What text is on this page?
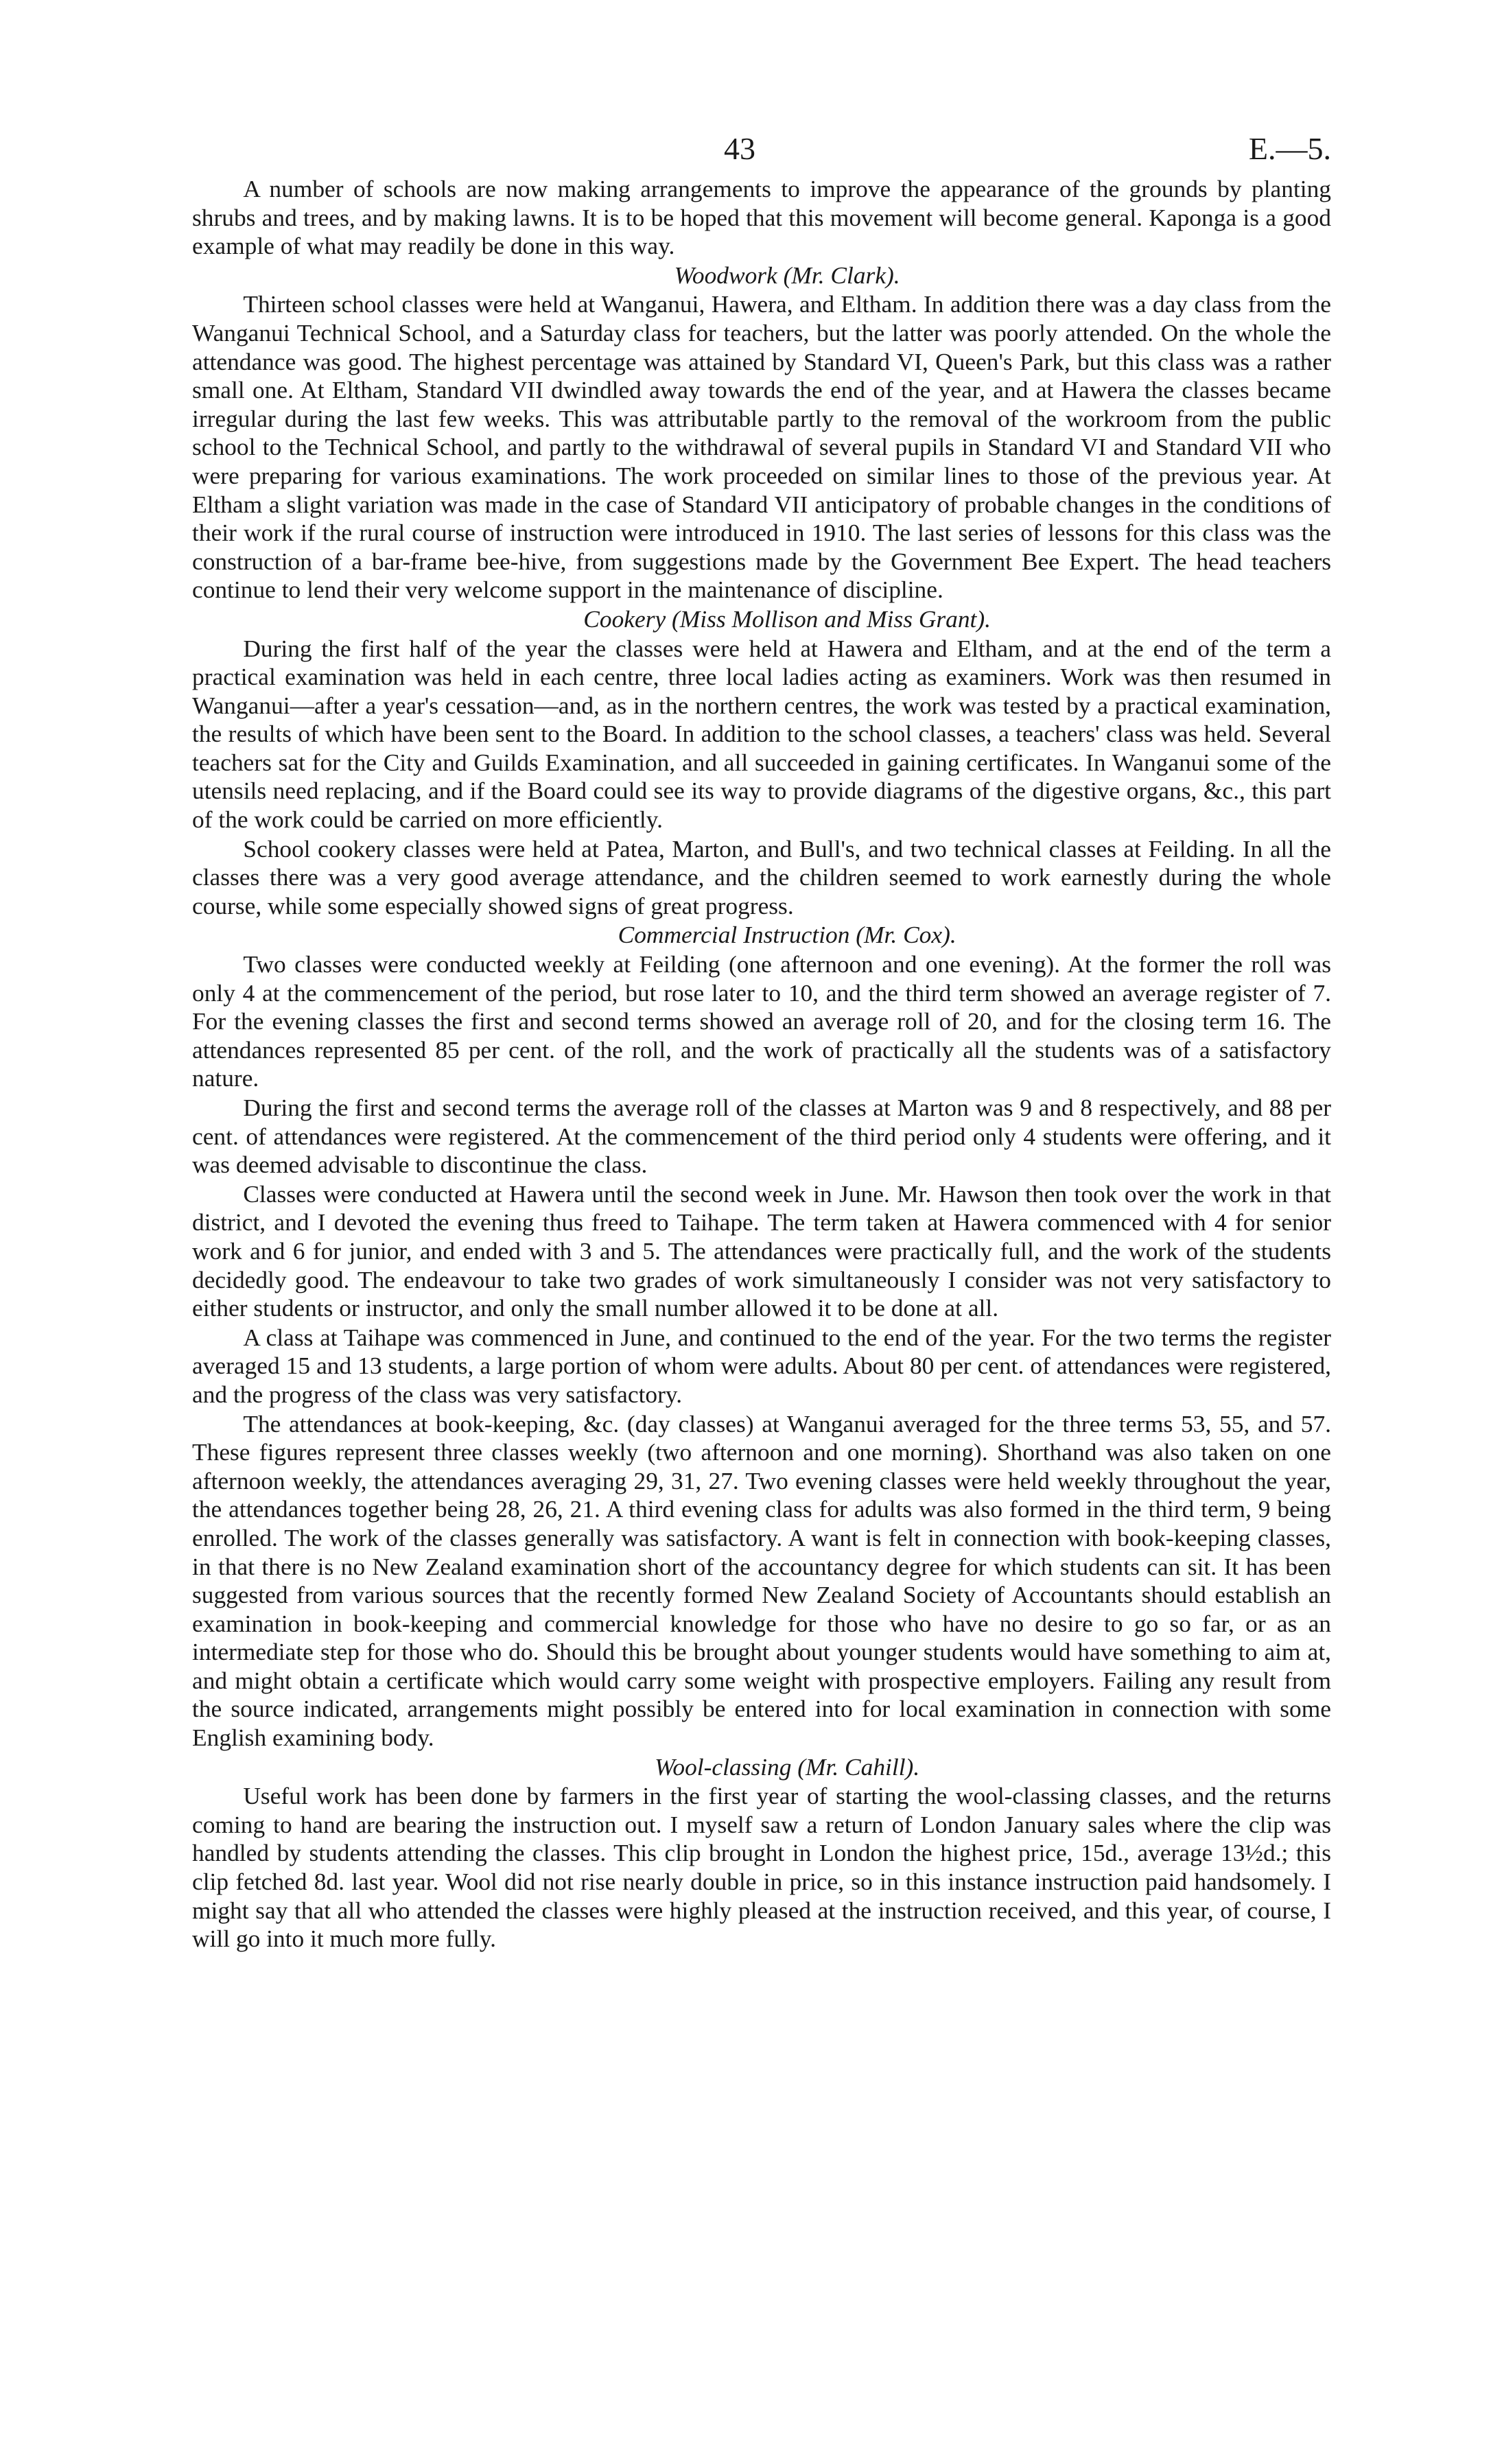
43	E.—5.

A number of schools are now making arrangements to improve the appearance of the grounds by planting shrubs and trees, and by making lawns. It is to be hoped that this movement will become general. Kaponga is a good example of what may readily be done in this way.

Woodwork (Mr. Clark).

Thirteen school classes were held at Wanganui, Hawera, and Eltham. In addition there was a day class from the Wanganui Technical School, and a Saturday class for teachers, but the latter was poorly attended. On the whole the attendance was good. The highest percentage was attained by Standard VI, Queen's Park, but this class was a rather small one. At Eltham, Standard VII dwindled away towards the end of the year, and at Hawera the classes became irregular during the last few weeks. This was attributable partly to the removal of the workroom from the public school to the Technical School, and partly to the withdrawal of several pupils in Standard VI and Standard VII who were preparing for various examinations. The work proceeded on similar lines to those of the previous year. At Eltham a slight variation was made in the case of Standard VII anticipatory of probable changes in the conditions of their work if the rural course of instruction were introduced in 1910. The last series of lessons for this class was the construction of a bar-frame bee-hive, from suggestions made by the Government Bee Expert. The head teachers continue to lend their very welcome support in the maintenance of discipline.

Cookery (Miss Mollison and Miss Grant).

During the first half of the year the classes were held at Hawera and Eltham, and at the end of the term a practical examination was held in each centre, three local ladies acting as examiners. Work was then resumed in Wanganui—after a year's cessation—and, as in the northern centres, the work was tested by a practical examination, the results of which have been sent to the Board. In addition to the school classes, a teachers' class was held. Several teachers sat for the City and Guilds Examination, and all succeeded in gaining certificates. In Wanganui some of the utensils need replacing, and if the Board could see its way to provide diagrams of the digestive organs, &c., this part of the work could be carried on more efficiently.

School cookery classes were held at Patea, Marton, and Bull's, and two technical classes at Feilding. In all the classes there was a very good average attendance, and the children seemed to work earnestly during the whole course, while some especially showed signs of great progress.

Commercial Instruction (Mr. Cox).

Two classes were conducted weekly at Feilding (one afternoon and one evening). At the former the roll was only 4 at the commencement of the period, but rose later to 10, and the third term showed an average register of 7. For the evening classes the first and second terms showed an average roll of 20, and for the closing term 16. The attendances represented 85 per cent. of the roll, and the work of practically all the students was of a satisfactory nature.

During the first and second terms the average roll of the classes at Marton was 9 and 8 respectively, and 88 per cent. of attendances were registered. At the commencement of the third period only 4 students were offering, and it was deemed advisable to discontinue the class.

Classes were conducted at Hawera until the second week in June. Mr. Hawson then took over the work in that district, and I devoted the evening thus freed to Taihape. The term taken at Hawera commenced with 4 for senior work and 6 for junior, and ended with 3 and 5. The attendances were practically full, and the work of the students decidedly good. The endeavour to take two grades of work simultaneously I consider was not very satisfactory to either students or instructor, and only the small number allowed it to be done at all.

A class at Taihape was commenced in June, and continued to the end of the year. For the two terms the register averaged 15 and 13 students, a large portion of whom were adults. About 80 per cent. of attendances were registered, and the progress of the class was very satisfactory.

The attendances at book-keeping, &c. (day classes) at Wanganui averaged for the three terms 53, 55, and 57. These figures represent three classes weekly (two afternoon and one morning). Shorthand was also taken on one afternoon weekly, the attendances averaging 29, 31, 27. Two evening classes were held weekly throughout the year, the attendances together being 28, 26, 21. A third evening class for adults was also formed in the third term, 9 being enrolled. The work of the classes generally was satisfactory. A want is felt in connection with book-keeping classes, in that there is no New Zealand examination short of the accountancy degree for which students can sit. It has been suggested from various sources that the recently formed New Zealand Society of Accountants should establish an examination in book-keeping and commercial knowledge for those who have no desire to go so far, or as an intermediate step for those who do. Should this be brought about younger students would have something to aim at, and might obtain a certificate which would carry some weight with prospective employers. Failing any result from the source indicated, arrangements might possibly be entered into for local examination in connection with some English examining body.

Wool-classing (Mr. Cahill).

Useful work has been done by farmers in the first year of starting the wool-classing classes, and the returns coming to hand are bearing the instruction out. I myself saw a return of London January sales where the clip was handled by students attending the classes. This clip brought in London the highest price, 15d., average 13½d.; this clip fetched 8d. last year. Wool did not rise nearly double in price, so in this instance instruction paid handsomely. I might say that all who attended the classes were highly pleased at the instruction received, and this year, of course, I will go into it much more fully.
